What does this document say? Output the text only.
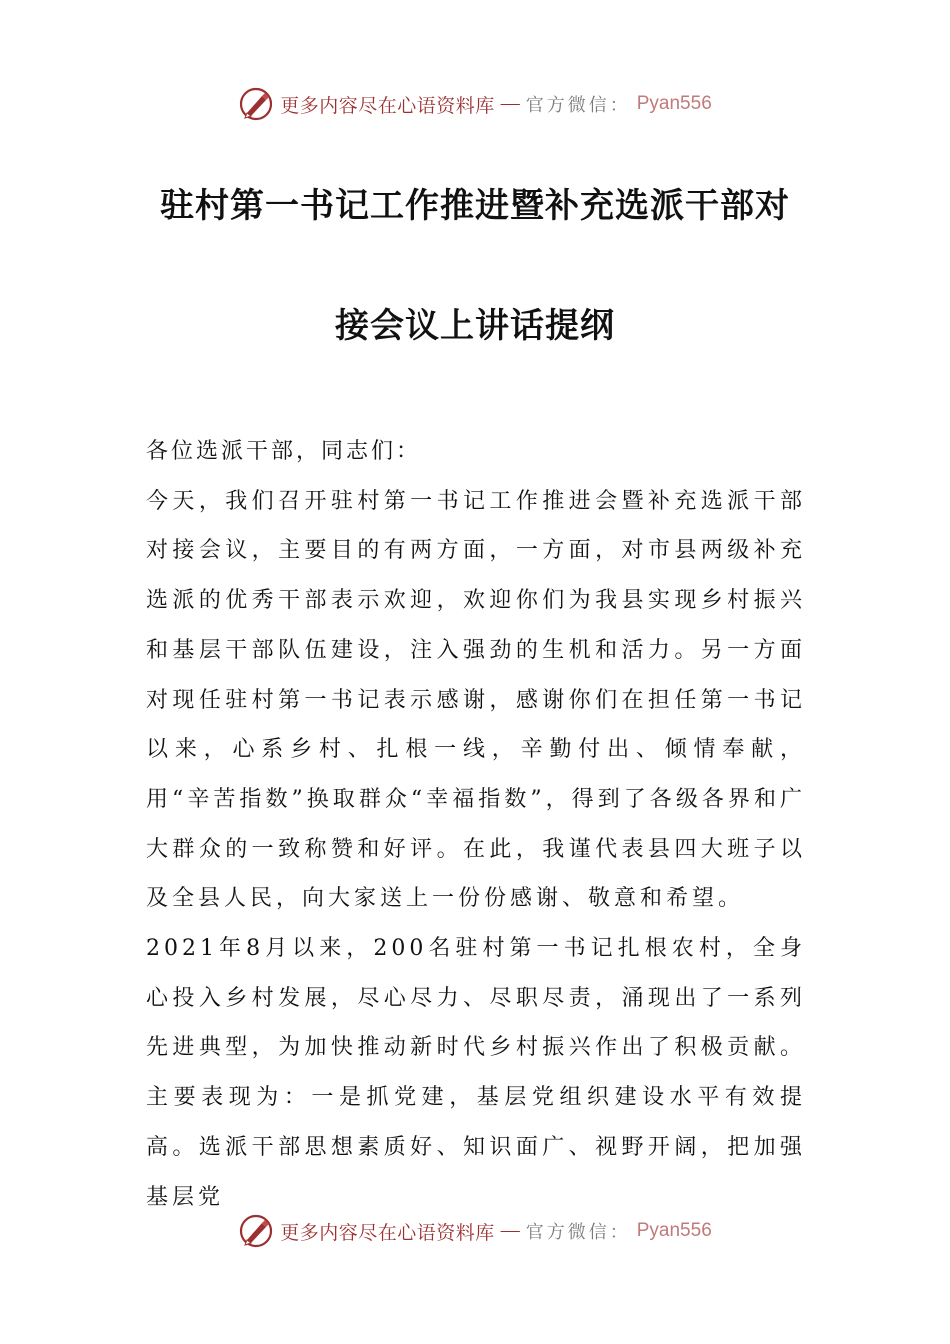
更多内容尽在心语资料库 — 官方微信： Pyan556
驻村第一书记工作推进暨补充选派干部对
接会议上讲话提纲

各位选派干部，同志们：

今天，我们召开驻村第一书记工作推进会暨补充选派干部对接会议，主要目的有两方面，一方面，对市县两级补充选派的优秀干部表示欢迎，欢迎你们为我县实现乡村振兴和基层干部队伍建设，注入强劲的生机和活力。另一方面对现任驻村第一书记表示感谢，感谢你们在担任第一书记以来，心系乡村、扎根一线，辛勤付出、倾情奉献，用“辛苦指数”换取群众“幸福指数”，得到了各级各界和广大群众的一致称赞和好评。在此，我谨代表县四大班子以及全县人民，向大家送上一份份感谢、敬意和希望。

2021年8月以来，200名驻村第一书记扎根农村，全身心投入乡村发展，尽心尽力、尽职尽责，涌现出了一系列先进典型，为加快推动新时代乡村振兴作出了积极贡献。主要表现为：一是抓党建，基层党组织建设水平有效提高。选派干部思想素质好、知识面广、视野开阔，把加强基层党

更多内容尽在心语资料库 — 官方微信： Pyan556
